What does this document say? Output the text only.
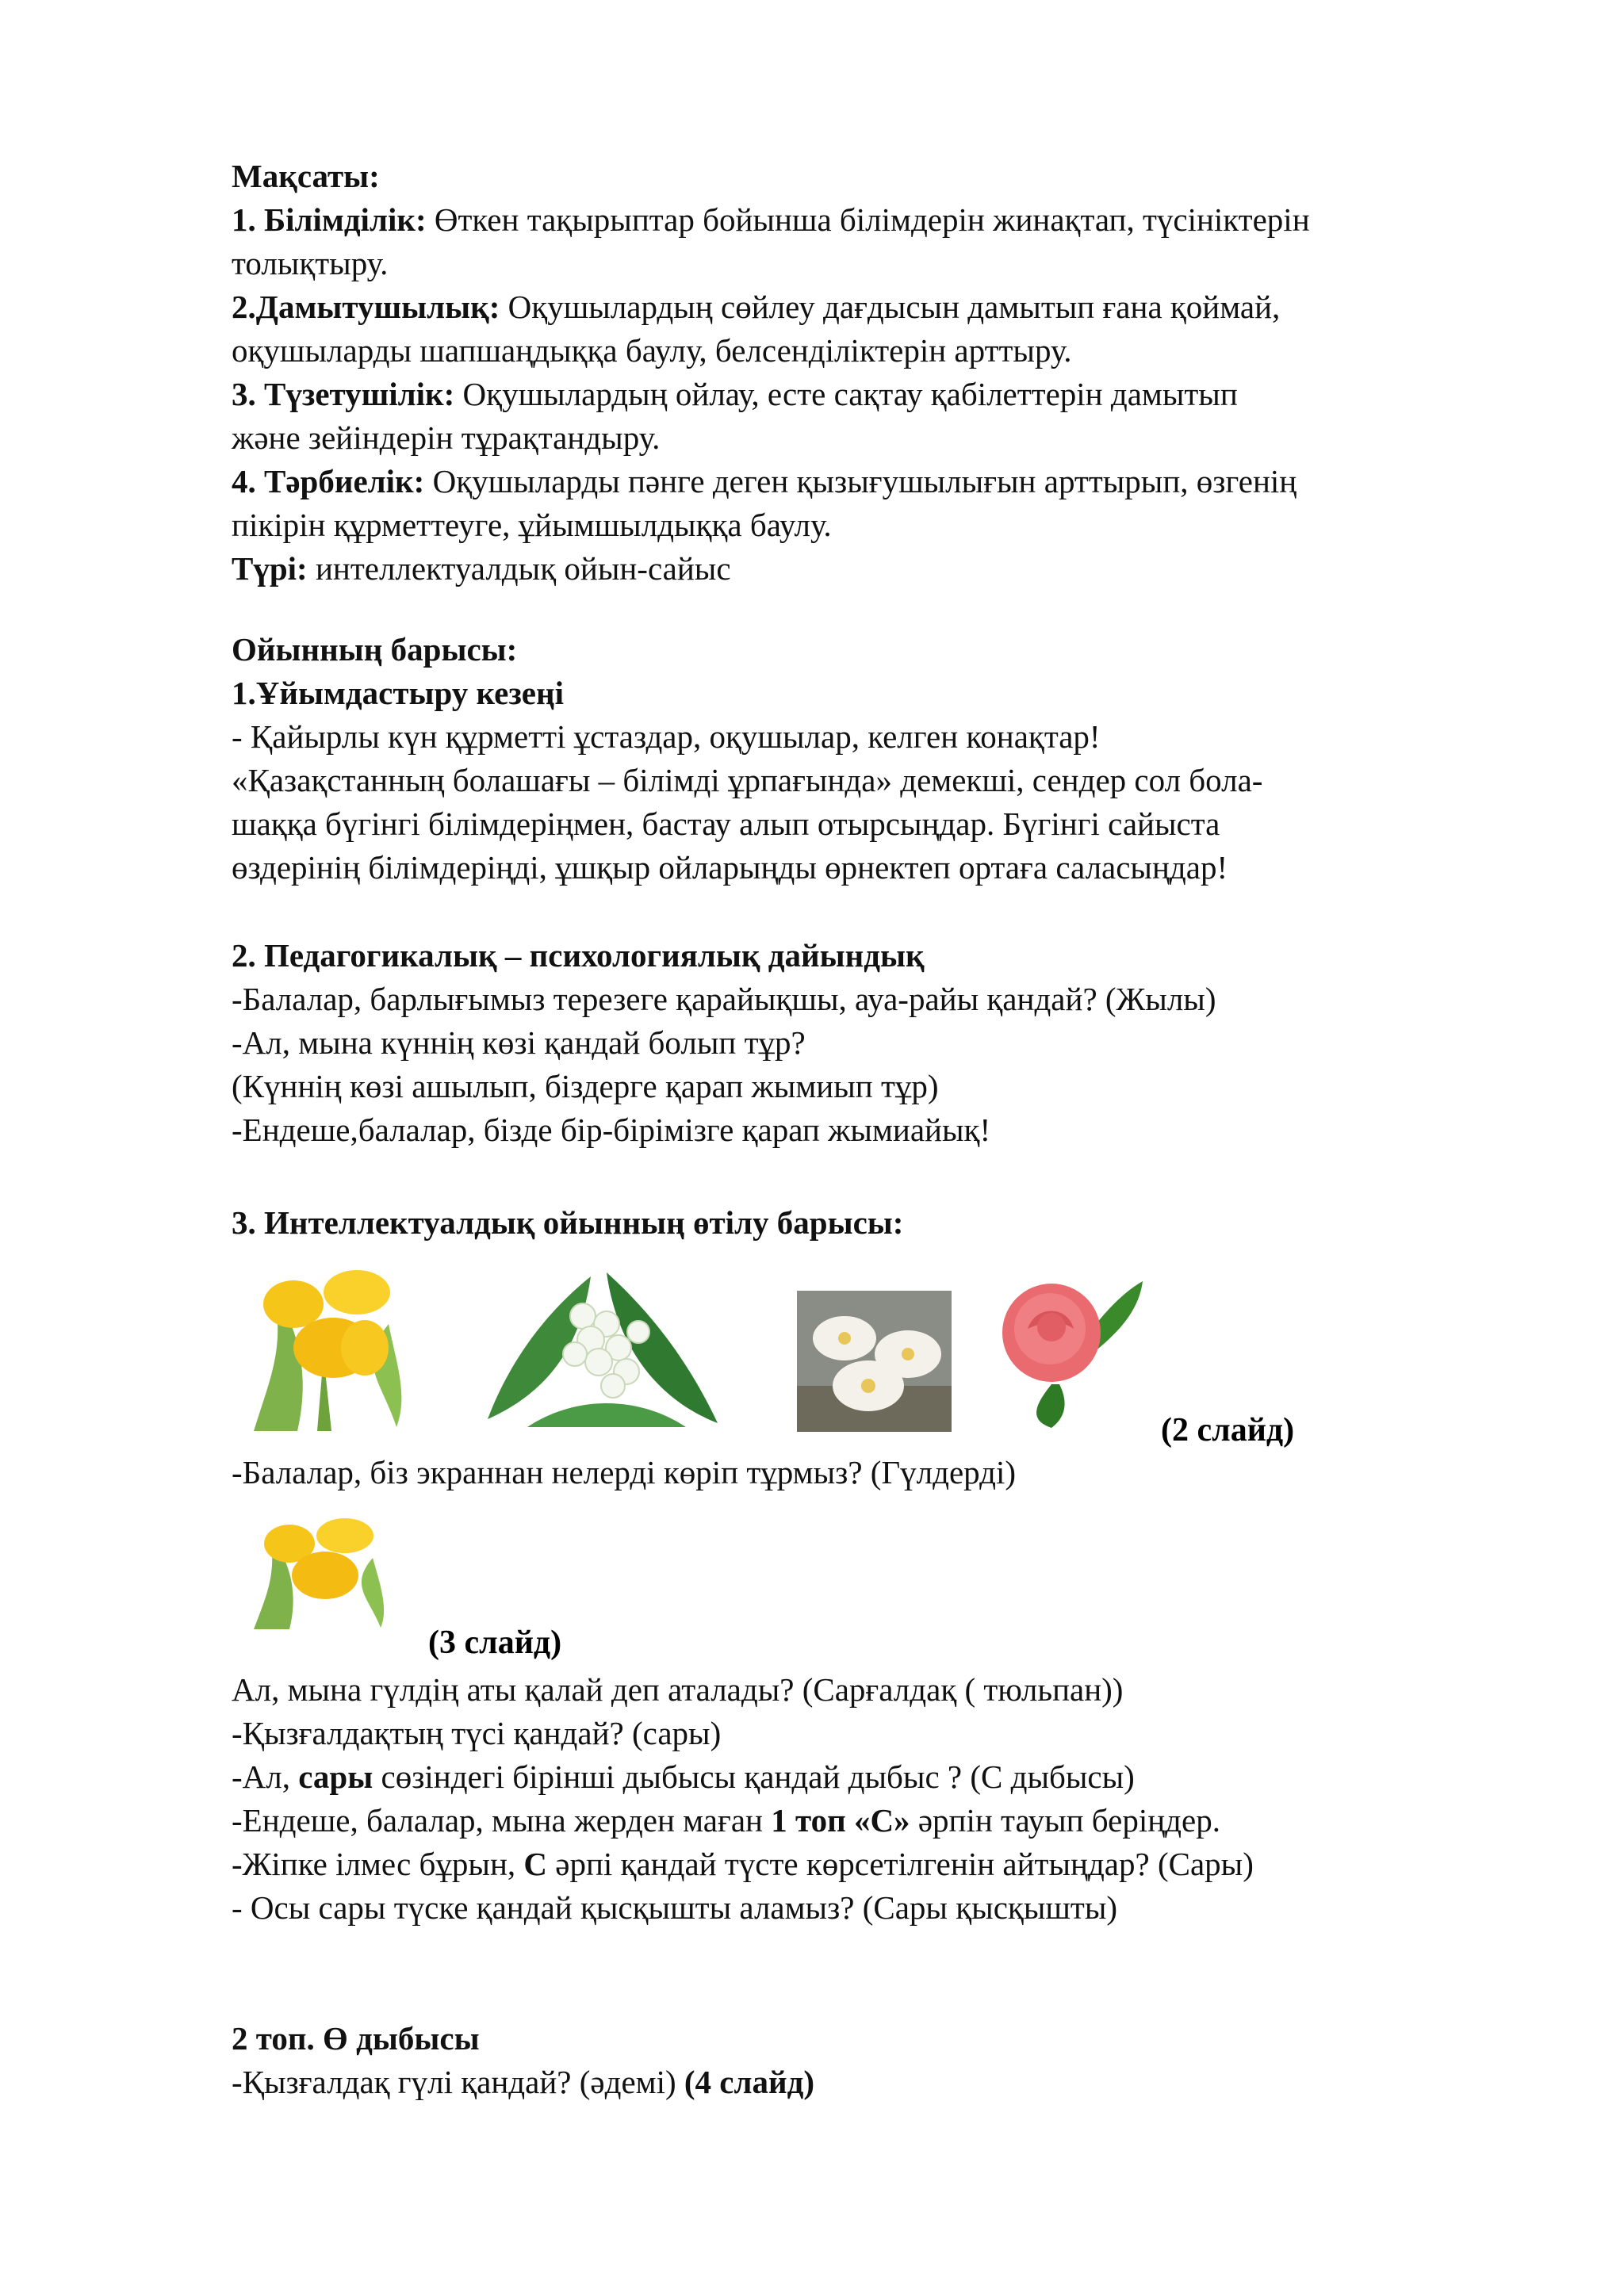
Мақсаты:
1. Білімділік: Өткен тақырыптар бойынша білімдерін жинақтап, түсініктерін
толықтыру.
2.Дамытушылық: Оқушылардың сөйлеу дағдысын дамытып ғана қоймай,
оқушыларды шапшаңдыққа баулу, белсенділіктерін арттыру.
3. Түзетушілік: Оқушылардың ойлау, есте сақтау қабілеттерін дамытып
және зейіндерін тұрақтандыру.
4. Тәрбиелік: Оқушыларды пәнге деген қызығушылығын арттырып, өзгенің
пікірін құрметтеуге, ұйымшылдыққа баулу.
Түрі: интеллектуалдық ойын-сайыс
Ойынның барысы:
1.Ұйымдастыру кезеңі
- Қайырлы күн құрметті ұстаздар, оқушылар, келген конақтар!
«Қазақстанның болашағы – білімді ұрпағында» демекші, сендер сол бола-
шаққа бүгінгі білімдеріңмен, бастау алып отырсыңдар. Бүгінгі сайыста
өздерінің білімдеріңді, ұшқыр ойларыңды өрнектеп ортаға саласыңдар!
2. Педагогикалық – психологиялық дайындық
-Балалар, барлығымыз терезеге қарайықшы, ауа-райы қандай? (Жылы)
-Ал, мына күннің көзі қандай болып тұр?
(Күннің көзі ашылып, біздерге қарап жымиып тұр)
-Ендеше,балалар, бізде бір-бірімізге қарап жымиайық!
3. Интеллектуалдық ойынның өтілу барысы:
(2 слайд)
-Балалар, біз экраннан нелерді көріп тұрмыз? (Гүлдерді)
(3 слайд)
Ал, мына гүлдің аты қалай деп аталады? (Сарғалдақ ( тюльпан))
-Қызғалдақтың түсі қандай? (сары)
-Ал, сары сөзіндегі бірінші дыбысы қандай дыбыс ? (С дыбысы)
-Ендеше, балалар, мына жерден маған 1 топ «С» әрпін тауып беріңдер.
-Жіпке ілмес бұрын, С әрпі қандай түсте көрсетілгенін айтыңдар? (Сары)
- Осы сары түске қандай қысқышты аламыз? (Сары қысқышты)
2 топ. Ө дыбысы
-Қызғалдақ гүлі қандай? (әдемі) (4 слайд)
